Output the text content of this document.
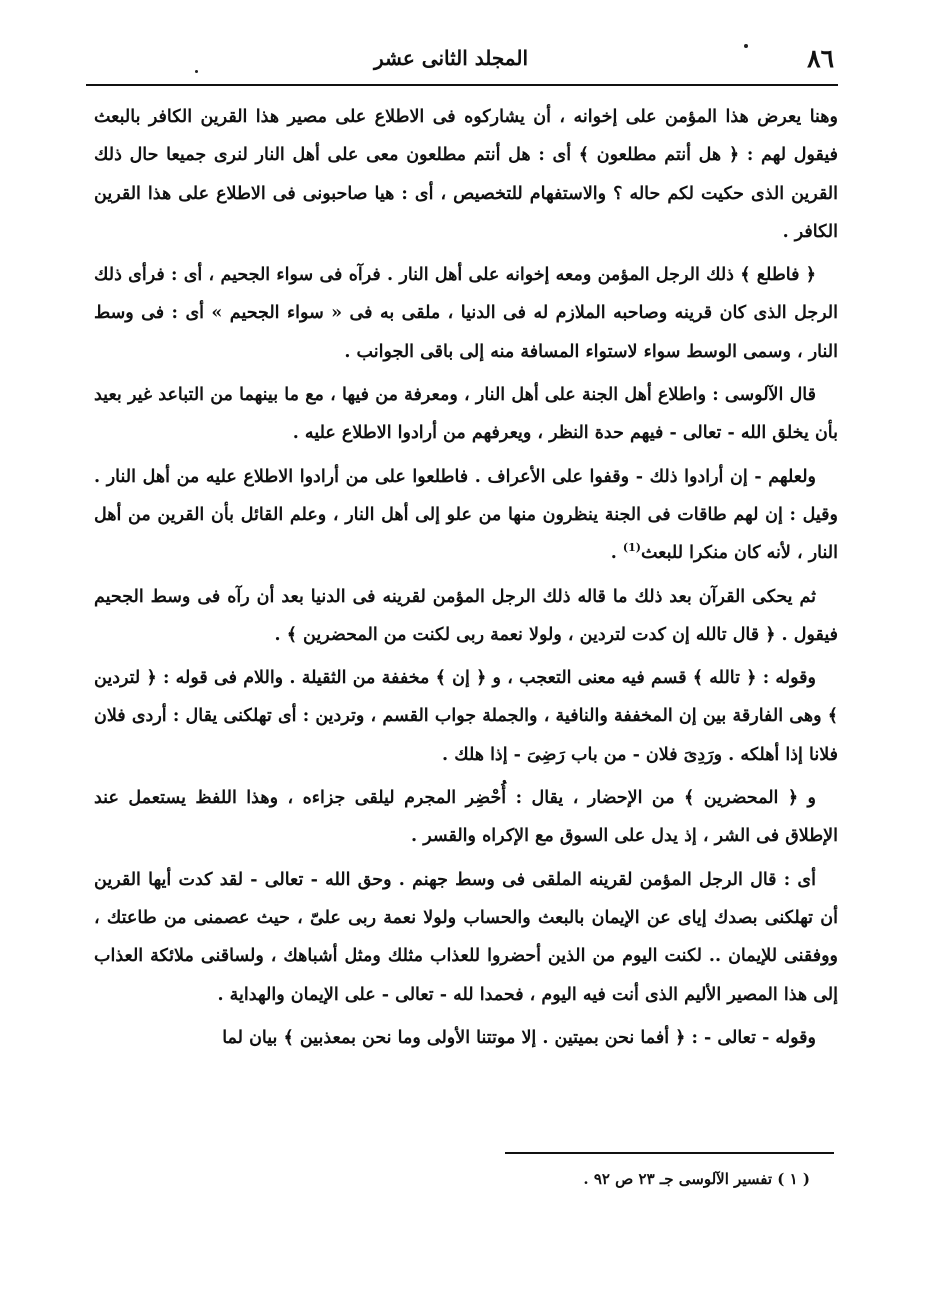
٨٦
المجلد الثانى عشر

وهنا يعرض هذا المؤمن على إخوانه ، أن يشاركوه فى الاطلاع على مصير هذا القرين الكافر بالبعث فيقول لهم : ﴿ هل أنتم مطلعون ﴾ أى : هل أنتم مطلعون معى على أهل النار لنرى جميعا حال ذلك القرين الذى حكيت لكم حاله ؟ والاستفهام للتخصيص ، أى : هيا صاحبونى فى الاطلاع على هذا القرين الكافر .

﴿ فاطلع ﴾ ذلك الرجل المؤمن ومعه إخوانه على أهل النار . فرآه فى سواء الجحيم ، أى : فرأى ذلك الرجل الذى كان قرينه وصاحبه الملازم له فى الدنيا ، ملقى به فى « سواء الجحيم » أى : فى وسط النار ، وسمى الوسط سواء لاستواء المسافة منه إلى باقى الجوانب .

قال الآلوسى : واطلاع أهل الجنة على أهل النار ، ومعرفة من فيها ، مع ما بينهما من التباعد غير بعيد بأن يخلق الله - تعالى - فيهم حدة النظر ، ويعرفهم من أرادوا الاطلاع عليه .

ولعلهم - إن أرادوا ذلك - وقفوا على الأعراف . فاطلعوا على من أرادوا الاطلاع عليه من أهل النار . وقيل : إن لهم طاقات فى الجنة ينظرون منها من علو إلى أهل النار ، وعلم القائل بأن القرين من أهل النار ، لأنه كان منكرا للبعث$^{(1)}$ .

ثم يحكى القرآن بعد ذلك ما قاله ذلك الرجل المؤمن لقرينه فى الدنيا بعد أن رآه فى وسط الجحيم فيقول . ﴿ قال تالله إن كدت لتردين ، ولولا نعمة ربى لكنت من المحضرين ﴾ .

وقوله : ﴿ تالله ﴾ قسم فيه معنى التعجب ، و ﴿ إن ﴾ مخففة من الثقيلة . واللام فى قوله : ﴿ لتردين ﴾ وهى الفارقة بين إن المخففة والنافية ، والجملة جواب القسم ، وتردين : أى تهلكنى يقال : أردى فلان فلانا إذا أهلكه . ورَدِىَ فلان - من باب رَضِىَ - إذا هلك .

و ﴿ المحضرين ﴾ من الإحضار ، يقال : أُحْضِر المجرم ليلقى جزاءه ، وهذا اللفظ يستعمل عند الإطلاق فى الشر ، إذ يدل على السوق مع الإكراه والقسر .

أى : قال الرجل المؤمن لقرينه الملقى فى وسط جهنم . وحق الله - تعالى - لقد كدت أيها القرين أن تهلكنى بصدك إياى عن الإيمان بالبعث والحساب ولولا نعمة ربى علىّ ، حيث عصمنى من طاعتك ، ووفقنى للإيمان .. لكنت اليوم من الذين أحضروا للعذاب مثلك ومثل أشباهك ، ولساقنى ملائكة العذاب إلى هذا المصير الأليم الذى أنت فيه اليوم ، فحمدا لله - تعالى - على الإيمان والهداية .

وقوله - تعالى - : ﴿ أفما نحن بميتين . إلا موتتنا الأولى وما نحن بمعذبين ﴾ بيان لما

( ١ ) تفسير الآلوسى جـ ٢٣ ص ٩٢ .
